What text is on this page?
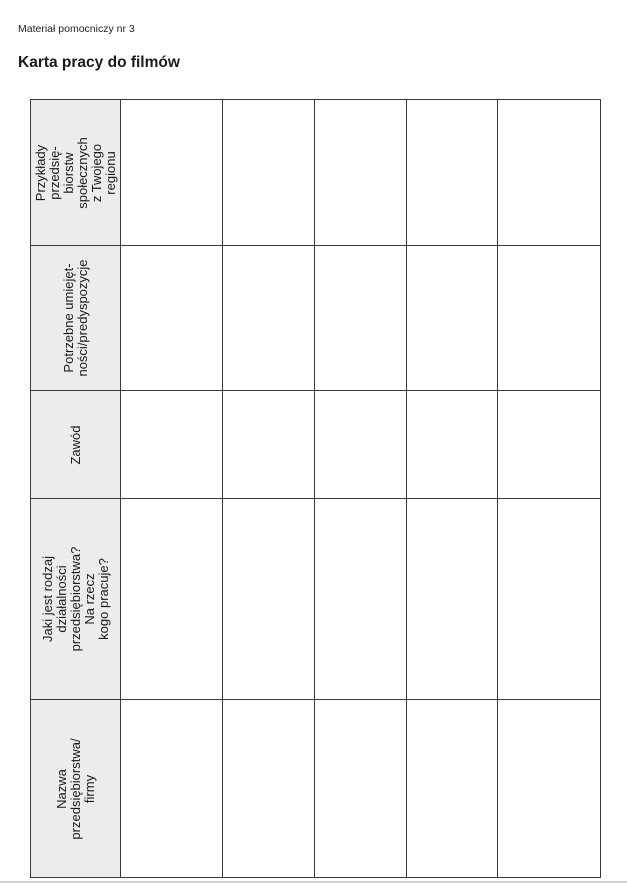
Materiał pomocniczy nr 3
Karta pracy do filmów
Przykłady przedsię-
biorstw społecznych
z Twojego regionu					

Potrzebne umiejęt-
ności/predyspozycje					

Zawód					

Jaki jest rodzaj działalności
przedsiębiorstwa? Na rzecz
kogo pracuje?					

Nazwa przedsiębiorstwa/
firmy					
